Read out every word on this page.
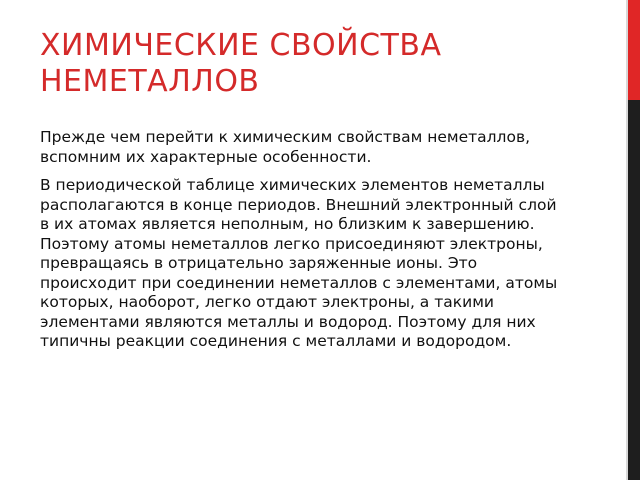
ХИМИЧЕСКИЕ СВОЙСТВА НЕМЕТАЛЛОВ

Прежде чем перейти к химическим свойствам неметаллов, вспомним их характерные особенности.

В периодической таблице химических элементов неметаллы располагаются в конце периодов. Внешний электронный слой в их атомах является неполным, но близким к завершению. Поэтому атомы неметаллов легко присоединяют электроны, превращаясь в отрицательно заряженные ионы. Это происходит при соединении неметаллов с элементами, атомы которых, наоборот, легко отдают электроны, а такими элементами являются металлы и водород. Поэтому для них типичны реакции соединения с металлами и водородом.
